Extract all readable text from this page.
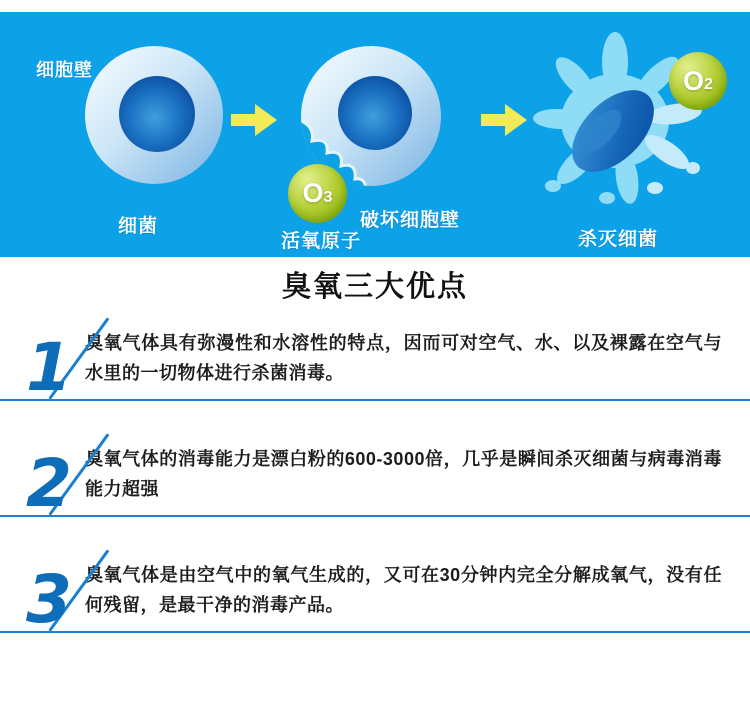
细胞壁
细菌
O 3
活氧原子
破坏细胞壁
O 2
杀灭细菌
臭氧三大优点
1 臭氧气体具有弥漫性和水溶性的特点，因而可对空气、水、以及裸露在空气与水里的一切物体进行杀菌消毒。

2 臭氧气体的消毒能力是漂白粉的600-3000倍，几乎是瞬间杀灭细菌与病毒消毒能力超强

3 臭氧气体是由空气中的氧气生成的，又可在30分钟内完全分解成氧气，没有任何残留，是最干净的消毒产品。
